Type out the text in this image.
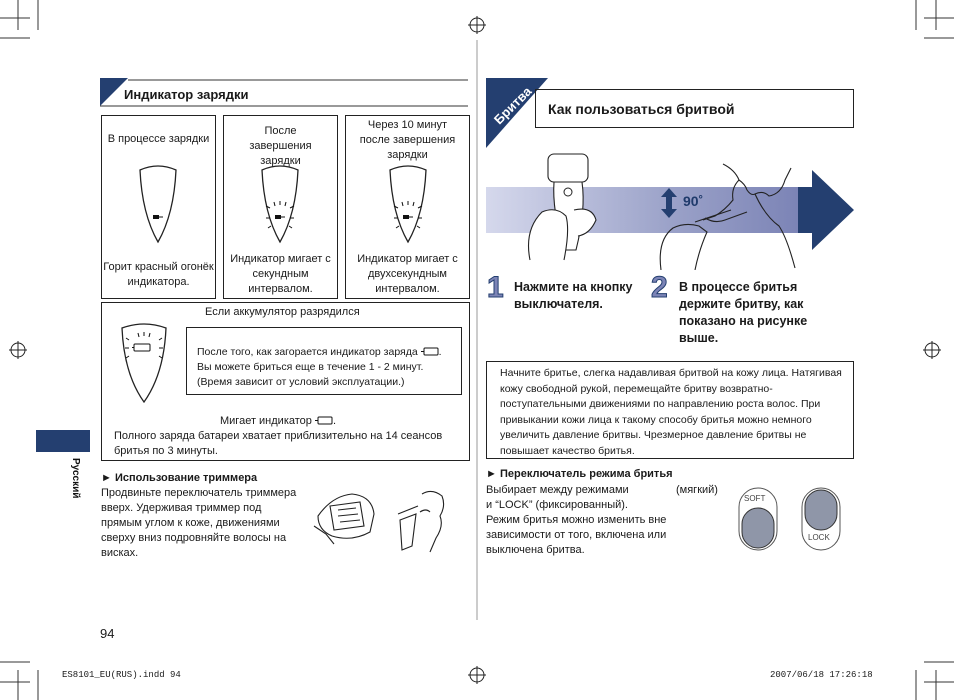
Индикатор зарядки
В процессе зарядки
Горит красный огонёк индикатора.
После завершения зарядки
Индикатор мигает с секундным интервалом.
Через 10 минут после завершения зарядки
Индикатор мигает с двухсекундным интервалом.
Если аккумулятор разрядился
После того, как загорается индикатор заряда .
Вы можете бриться еще в течение 1 - 2 минут.
(Время зависит от условий эксплуатации.)
Мигает индикатор .
Полного заряда батареи хватает приблизительно на 14 сеансов бритья по 3 минуты.
► Использование триммера
Продвиньте переключатель триммера вверх. Удерживая триммер под прямым углом к коже, движениями сверху вниз подровняйте волосы на висках.
Русский
94
Бритва Как пользоваться бритвой
90˚
1 Нажмите на кнопку выключателя.	2 В процессе бритья держите бритву, как показано на рисунке выше.
Начните бритье, слегка надавливая бритвой на кожу лица. Натягивая кожу свободной рукой, перемещайте бритву возвратно-поступательными движениями по направлению роста волос. При привыкании кожи лица к такому способу бритья можно немного увеличить давление бритвы. Чрезмерное давление бритвы не повышает качество бритья.
► Переключатель режима бритья
Выбирает между режимами	(мягкий)
и “LOCK” (фиксированный).
Режим бритья можно изменить вне зависимости от того, включена или выключена бритва.
SOFT
LOCK
ES8101_EU(RUS).indd 94	2007/06/18 17:26:18
